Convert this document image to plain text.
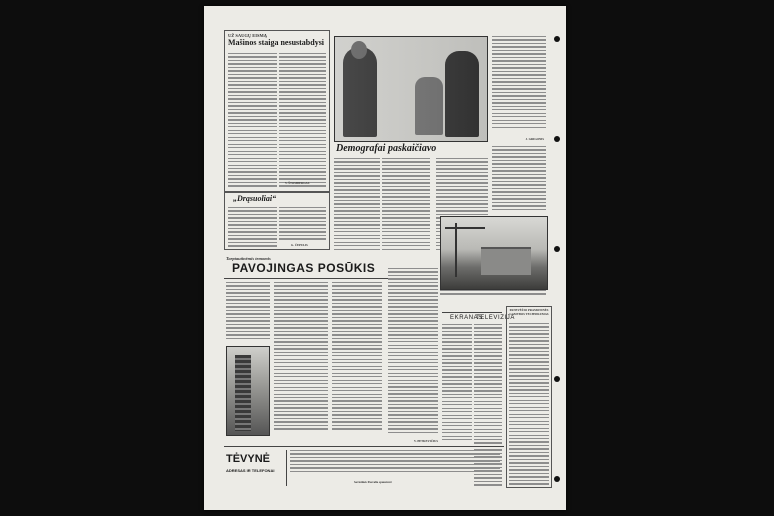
UŽ SAUGŲ EISMĄ
Mašinos staiga nesustabdysi
V. ŠTOMBERGAS
„Drąsuoliai“
G. ČEPULIS
J. GRIGONIS
Demografai paskaičiavo
Tarptautinėmis temomis
PAVOJINGAS POSŪKIS
V. PETKEVIČIUS
EKRANAS
TELEVIZIJA
PANEVĖŽIO PRAMONINĖS GAMYBOS TECHNIKUMAS
TĖVYNĖ
ADRESAS IR TELEFONAI
Sovietinės Pasvalio spaustuvė
